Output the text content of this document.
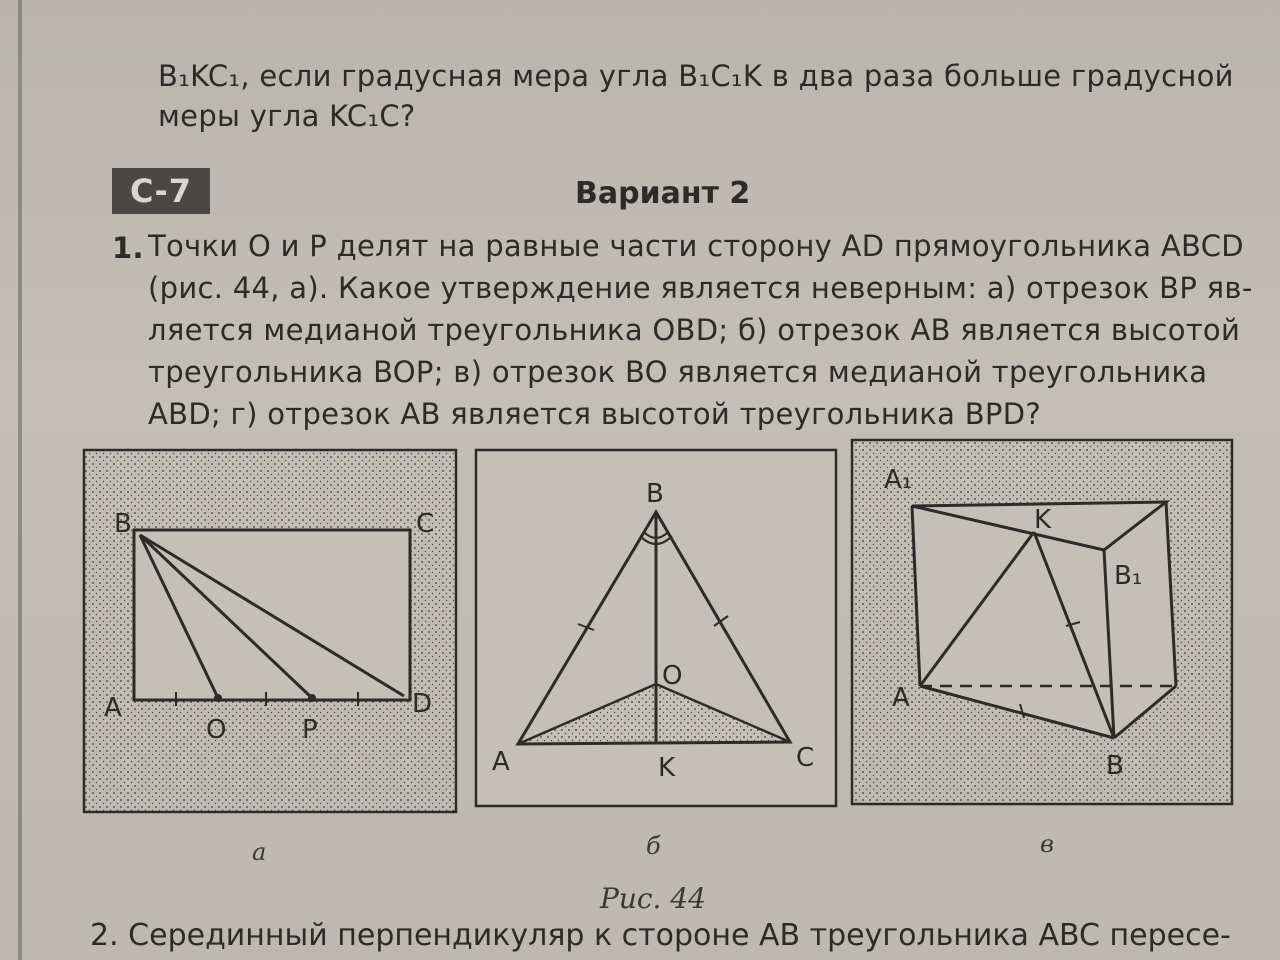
B₁KC₁, если градусная мера угла B₁C₁K в два раза больше градусной
меры угла KC₁C?
С-7	Вариант 2
1. Точки O и P делят на равные части сторону AD прямоугольника ABCD
(рис. 44, а). Какое утверждение является неверным: а) отрезок BP яв-
ляется медианой треугольника OBD; б) отрезок AB является высотой
треугольника BOP; в) отрезок BO является медианой треугольника
ABD; г) отрезок AB является высотой треугольника BPD?
B	C
A
O	P
D
B
O
A	K	C
A₁
K
B₁
A
B
а	б	в
Рис. 44
2. Серединный перпендикуляр к стороне AB треугольника ABC пересе-
